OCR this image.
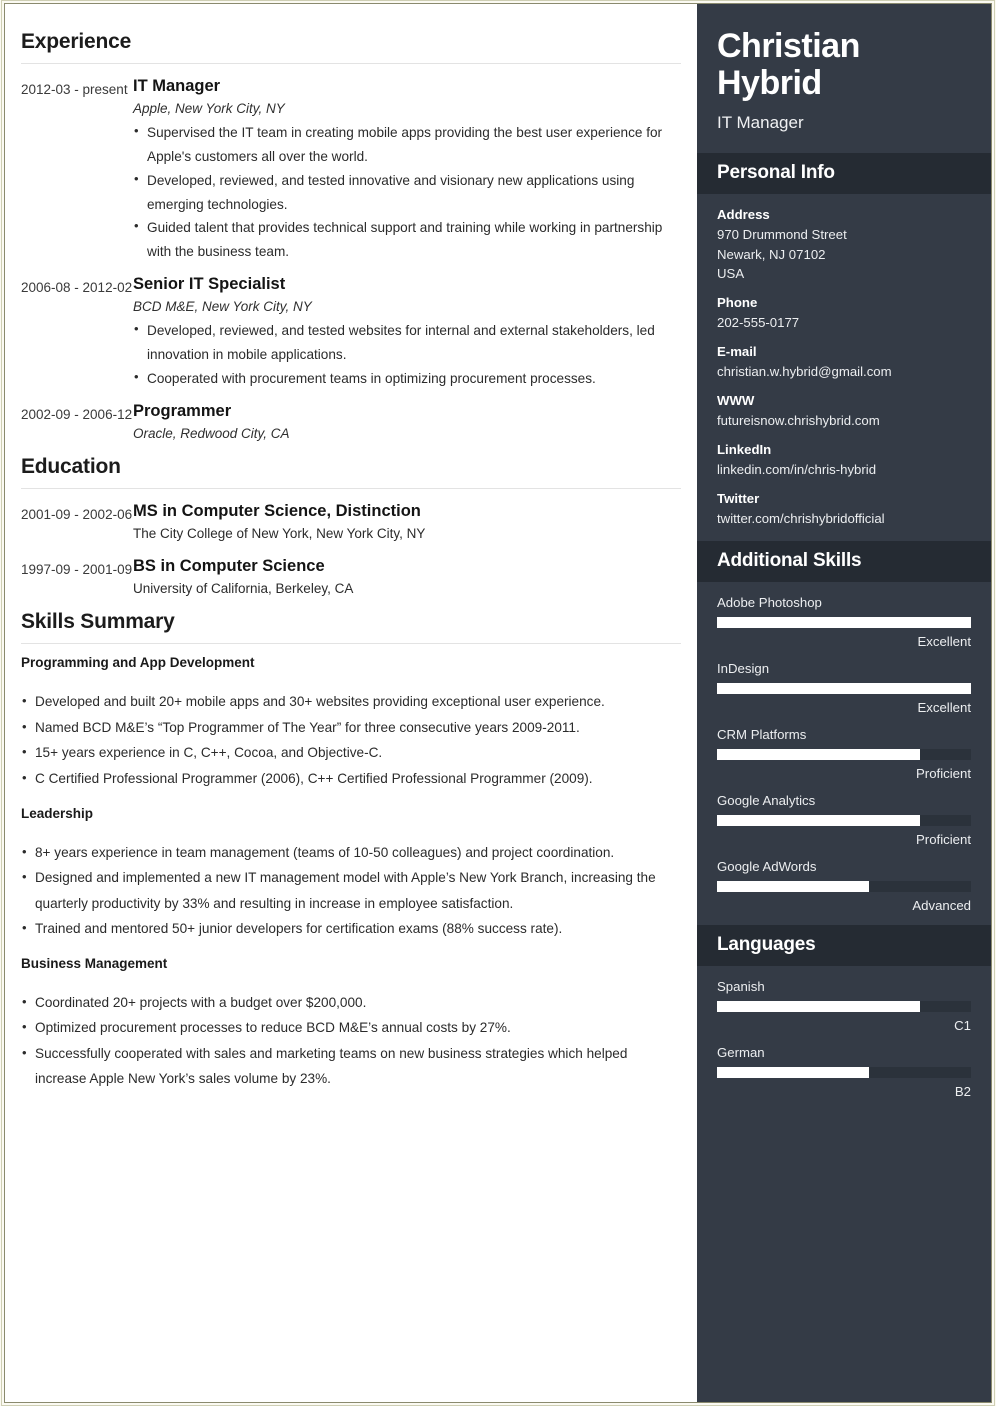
Experience
2012-03 - present IT Manager
Apple, New York City, NY
• Supervised the IT team in creating mobile apps providing the best user experience for Apple's customers all over the world.
• Developed, reviewed, and tested innovative and visionary new applications using emerging technologies.
• Guided talent that provides technical support and training while working in partnership with the business team.
2006-08 - 2012-02 Senior IT Specialist
BCD M&E, New York City, NY
• Developed, reviewed, and tested websites for internal and external stakeholders, led innovation in mobile applications.
• Cooperated with procurement teams in optimizing procurement processes.
2002-09 - 2006-12 Programmer
Oracle, Redwood City, CA
Education
2001-09 - 2002-06 MS in Computer Science, Distinction
The City College of New York, New York City, NY
1997-09 - 2001-09 BS in Computer Science
University of California, Berkeley, CA
Skills Summary
Programming and App Development
• Developed and built 20+ mobile apps and 30+ websites providing exceptional user experience.
• Named BCD M&E’s “Top Programmer of The Year” for three consecutive years 2009-2011.
• 15+ years experience in C, C++, Cocoa, and Objective-C.
• C Certified Professional Programmer (2006), C++ Certified Professional Programmer (2009).
Leadership
• 8+ years experience in team management (teams of 10-50 colleagues) and project coordination.
• Designed and implemented a new IT management model with Apple’s New York Branch, increasing the quarterly productivity by 33% and resulting in increase in employee satisfaction.
• Trained and mentored 50+ junior developers for certification exams (88% success rate).
Business Management
• Coordinated 20+ projects with a budget over $200,000.
• Optimized procurement processes to reduce BCD M&E’s annual costs by 27%.
• Successfully cooperated with sales and marketing teams on new business strategies which helped increase Apple New York’s sales volume by 23%.
Christian Hybrid
IT Manager
Personal Info
Address
970 Drummond Street
Newark, NJ 07102
USA
Phone
202-555-0177
E-mail
christian.w.hybrid@gmail.com
WWW
futureisnow.chrishybrid.com
LinkedIn
linkedin.com/in/chris-hybrid
Twitter
twitter.com/chrishybridofficial
Additional Skills
Adobe Photoshop
Excellent
InDesign
Excellent
CRM Platforms
Proficient
Google Analytics
Proficient
Google AdWords
Advanced
Languages
Spanish
C1
German
B2
